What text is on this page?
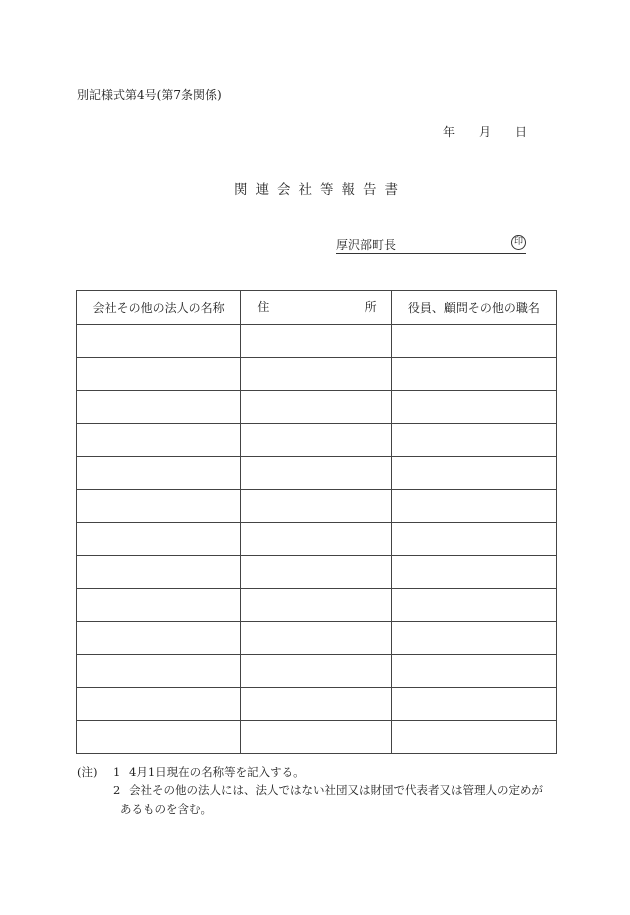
別記様式第4号(第7条関係)
年 月 日
関連会社等報告書
厚沢部町長	印
会社その他の法人の名称	住 所	役員、顧問その他の職名

(注) 1 4月1日現在の名称等を記入する。
2 会社その他の法人には、法人ではない社団又は財団で代表者又は管理人の定めが
あるものを含む。
